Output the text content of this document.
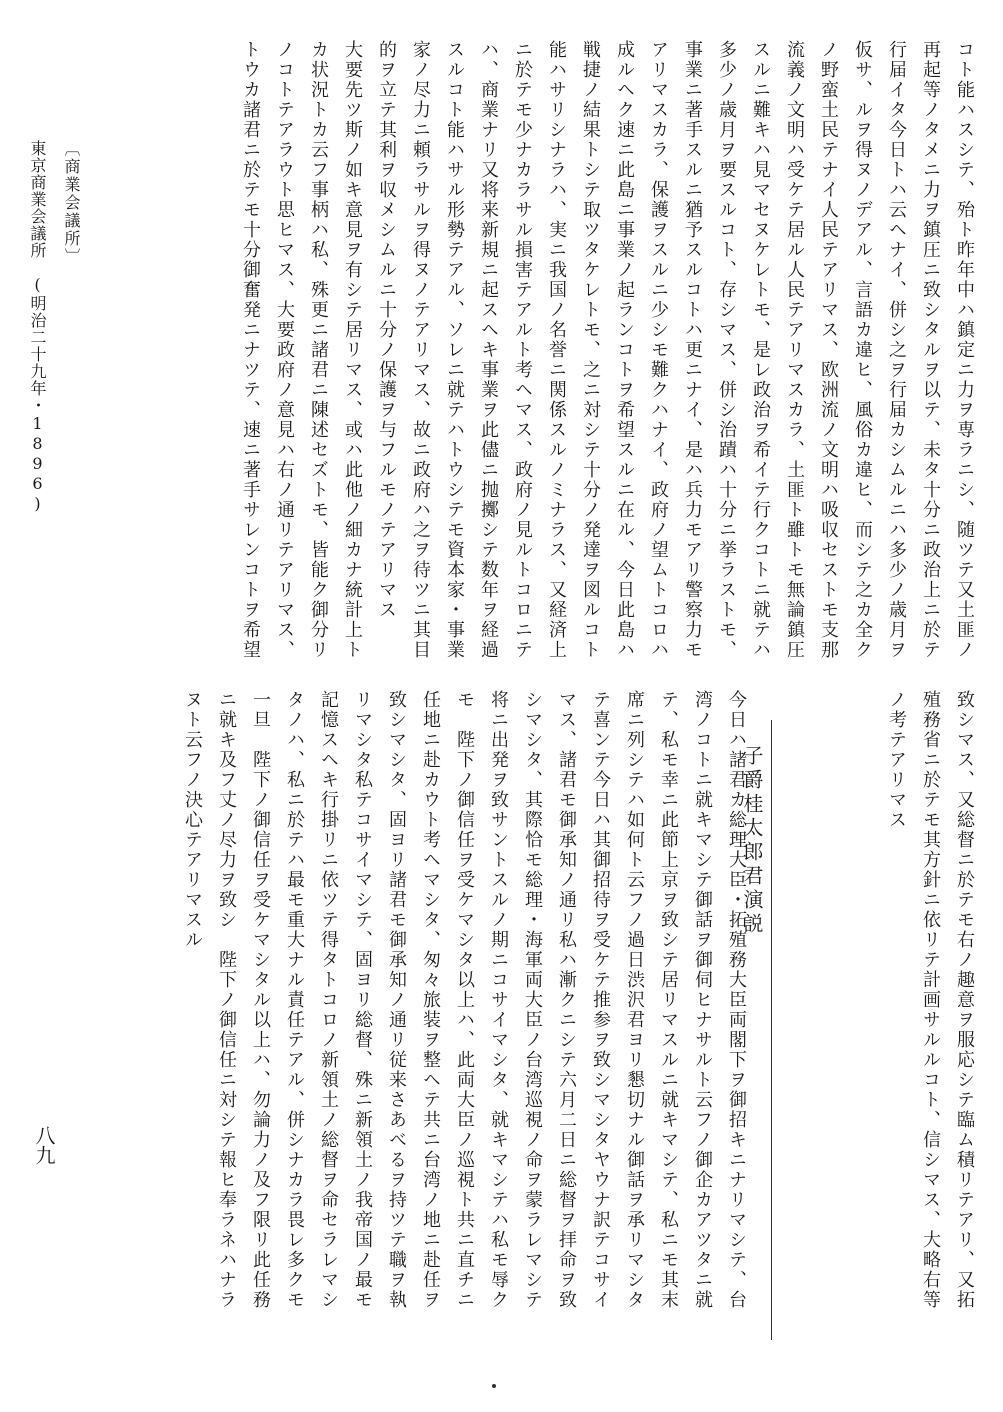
コト能ハスシテ、殆ト昨年中ハ鎮定ニ力ヲ専ラニシ、随ツテ又土匪ノ

再起等ノタメニ力ヲ鎮圧ニ致シタルヲ以テ、未タ十分ニ政治上ニ於テ

行届イタ今日トハ云ヘナイ、併シ之ヲ行届カシムルニハ多少ノ歳月ヲ

仮サ、ルヲ得ヌノデアル、言語カ違ヒ、風俗カ違ヒ、而シテ之カ全ク

ノ野蛮土民テナイ人民テアリマス、欧洲流ノ文明ハ吸収セストモ支那

流義ノ文明ハ受ケテ居ル人民テアリマスカラ、土匪ト雖トモ無論鎮圧

スルニ難キハ見マセヌケレトモ、是レ政治ヲ希イテ行クコトニ就テハ

多少ノ歳月ヲ要スルコト、存シマス、併シ治蹟ハ十分ニ挙ラストモ、

事業ニ著手スルニ猶予スルコトハ更ニナイ、是ハ兵力モアリ警察力モ

アリマスカラ、保護ヲスルニ少シモ難クハナイ、政府ノ望ムトコロハ

成ルヘク速ニ此島ニ事業ノ起ランコトヲ希望スルニ在ル、今日此島ハ

戦捷ノ結果トシテ取ツタケレトモ、之ニ対シテ十分ノ発達ヲ図ルコト

能ハサリシナラハ、実ニ我国ノ名誉ニ関係スルノミナラス、又経済上

ニ於テモ少ナカラサル損害テアルト考ヘマス、政府ノ見ルトコロニテ

ハ、商業ナリ又将来新規ニ起スヘキ事業ヲ此儘ニ抛擲シテ数年ヲ経過

スルコト能ハサル形勢テアル、ソレニ就テハトウシテモ資本家・事業

家ノ尽力ニ頼ラサルヲ得ヌノテアリマス、故ニ政府ハ之ヲ待ツニ其目

的ヲ立テ其利ヲ収メシムルニ十分ノ保護ヲ与フルモノテアリマス

大要先ツ斯ノ如キ意見ヲ有シテ居リマス、或ハ此他ノ細カナ統計上ト

カ状況トカ云フ事柄ハ私、殊更ニ諸君ニ陳述セズトモ、皆能ク御分リ

ノコトテアラウト思ヒマス、大要政府ノ意見ハ右ノ通リテアリマス、

トウカ諸君ニ於テモ十分御奮発ニナツテ、速ニ著手サレンコトヲ希望

致シマス、又総督ニ於テモ右ノ趣意ヲ服応シテ臨ム積リテアリ、又拓

殖務省ニ於テモ其方針ニ依リテ計画サルルコト、信シマス、大略右等

ノ考テアリマス

子爵桂太郎君演説

今日ハ諸君カ総理大臣・拓殖務大臣両閣下ヲ御招キニナリマシテ、台

湾ノコトニ就キマシテ御話ヲ御伺ヒナサルト云フノ御企カアツタニ就

テ、私モ幸ニ此節上京ヲ致シテ居リマスルニ就キマシテ、私ニモ其末

席ニ列シテハ如何ト云フノ過日渋沢君ヨリ懇切ナル御話ヲ承リマシタ

テ喜ンテ今日ハ其御招待ヲ受ケテ推参ヲ致シマシタヤウナ訳テコサイ

マス、諸君モ御承知ノ通リ私ハ漸クニシテ六月二日ニ総督ヲ拝命ヲ致

シマシタ、其際恰モ総理・海軍両大臣ノ台湾巡視ノ命ヲ蒙ラレマシテ

将ニ出発ヲ致サントスルノ期ニコサイマシタ、就キマシテハ私モ辱ク

モ　陛下ノ御信任ヲ受ケマシタ以上ハ、此両大臣ノ巡視ト共ニ直チニ

任地ニ赴カウト考ヘマシタ、匆々旅装ヲ整ヘテ共ニ台湾ノ地ニ赴任ヲ

致シマシタ、固ヨリ諸君モ御承知ノ通リ従来さあべるヲ持ツテ職ヲ執

リマシタ私テコサイマシテ、固ヨリ総督、殊ニ新領土ノ我帝国ノ最モ

記憶スヘキ行掛リニ依ツテ得タトコロノ新領土ノ総督ヲ命セラレマシ

タノハ、私ニ於テハ最モ重大ナル責任テアル、併シナカラ畏レ多クモ

一旦　陛下ノ御信任ヲ受ケマシタル以上ハ、勿論力ノ及フ限リ此任務

ニ就キ及フ丈ノ尽力ヲ致シ　陛下ノ御信任ニ対シテ報ヒ奉ラネハナラ

ヌト云フノ決心テアリマスル

〔商業会議所〕
東京商業会議所(明治二十九年・1896)
八九
